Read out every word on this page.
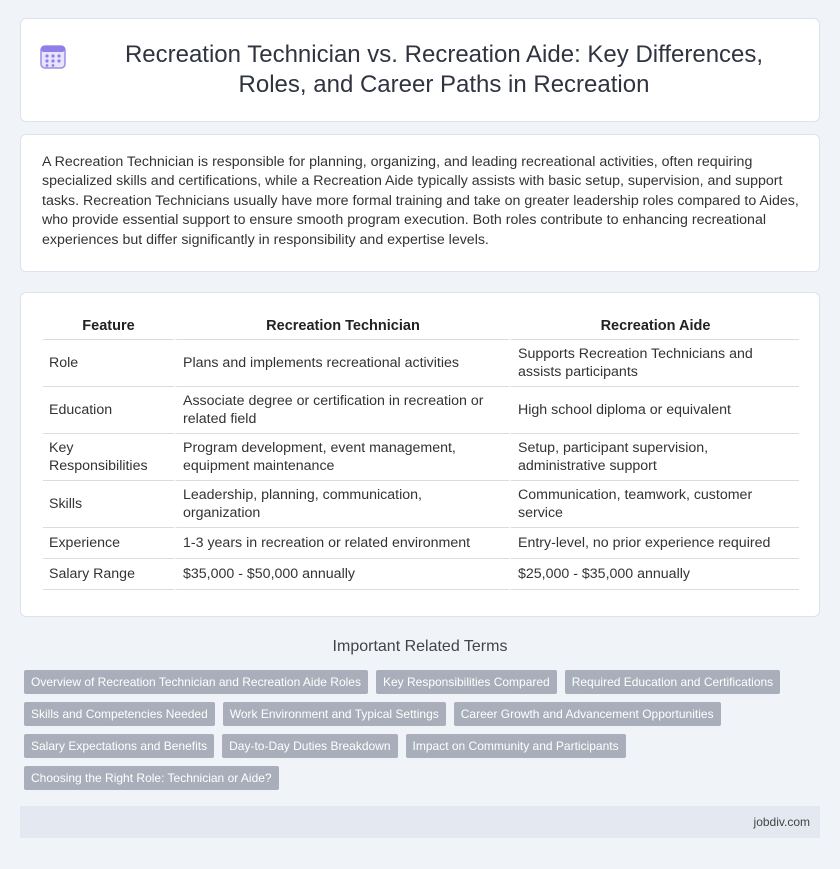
Recreation Technician vs. Recreation Aide: Key Differences, Roles, and Career Paths in Recreation
A Recreation Technician is responsible for planning, organizing, and leading recreational activities, often requiring specialized skills and certifications, while a Recreation Aide typically assists with basic setup, supervision, and support tasks. Recreation Technicians usually have more formal training and take on greater leadership roles compared to Aides, who provide essential support to ensure smooth program execution. Both roles contribute to enhancing recreational experiences but differ significantly in responsibility and expertise levels.
Feature	Recreation Technician	Recreation Aide
Role	Plans and implements recreational activities	Supports Recreation Technicians and assists participants
Education	Associate degree or certification in recreation or related field	High school diploma or equivalent
Key Responsibilities	Program development, event management, equipment maintenance	Setup, participant supervision, administrative support
Skills	Leadership, planning, communication, organization	Communication, teamwork, customer service
Experience	1-3 years in recreation or related environment	Entry-level, no prior experience required
Salary Range	$35,000 - $50,000 annually	$25,000 - $35,000 annually
Important Related Terms
Overview of Recreation Technician and Recreation Aide Roles	Key Responsibilities Compared	Required Education and Certifications
Skills and Competencies Needed	Work Environment and Typical Settings	Career Growth and Advancement Opportunities
Salary Expectations and Benefits	Day-to-Day Duties Breakdown	Impact on Community and Participants
Choosing the Right Role: Technician or Aide?
jobdiv.com
